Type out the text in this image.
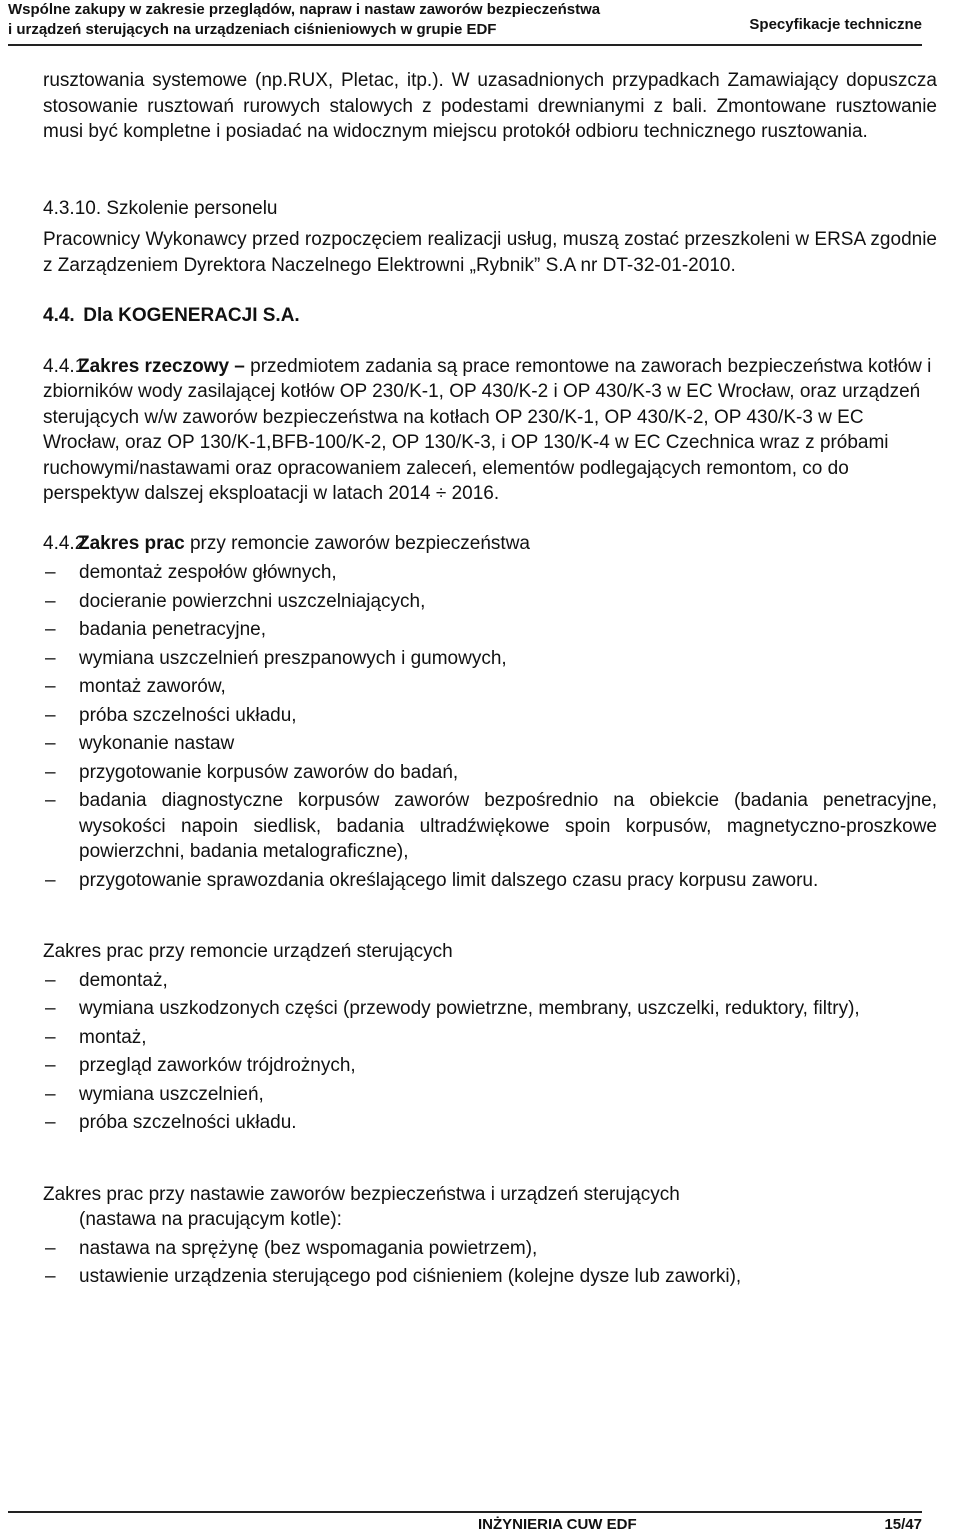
Wspólne zakupy w zakresie przeglądów, napraw i nastaw zaworów bezpieczeństwa
i urządzeń sterujących na urządzeniach ciśnieniowych w grupie EDF	Specyfikacje techniczne

rusztowania systemowe (np.RUX, Pletac, itp.). W uzasadnionych przypadkach Zamawiający dopuszcza stosowanie rusztowań rurowych stalowych z podestami drewnianymi z bali. Zmontowane rusztowanie musi być kompletne i posiadać na widocznym miejscu protokół odbioru technicznego rusztowania.

4.3.10. Szkolenie personelu

Pracownicy Wykonawcy przed rozpoczęciem realizacji usług, muszą zostać przeszkoleni w ERSA zgodnie z Zarządzeniem Dyrektora Naczelnego Elektrowni „Rybnik” S.A nr DT-32-01-2010.

4.4. Dla KOGENERACJI S.A.

4.4.1.Zakres rzeczowy – przedmiotem zadania są prace remontowe na zaworach bezpieczeństwa kotłów i zbiorników wody zasilającej kotłów OP 230/K-1, OP 430/K-2 i OP 430/K-3 w EC Wrocław, oraz urządzeń sterujących w/w zaworów bezpieczeństwa na kotłach OP 230/K-1, OP 430/K-2, OP 430/K-3 w EC Wrocław, oraz OP 130/K-1,BFB-100/K-2, OP 130/K-3, i OP 130/K-4 w EC Czechnica wraz z próbami ruchowymi/nastawami oraz opracowaniem zaleceń, elementów podlegających remontom, co do perspektyw dalszej eksploatacji w latach 2014 ÷ 2016.

4.4.2.Zakres prac przy remoncie zaworów bezpieczeństwa

– demontaż zespołów głównych,
– docieranie powierzchni uszczelniających,
– badania penetracyjne,
– wymiana uszczelnień preszpanowych i gumowych,
– montaż zaworów,
– próba szczelności układu,
– wykonanie nastaw
– przygotowanie korpusów zaworów do badań,
– badania diagnostyczne korpusów zaworów bezpośrednio na obiekcie (badania penetracyjne, wysokości napoin siedlisk, badania ultradźwiękowe spoin korpusów, magnetyczno-proszkowe powierzchni, badania metalograficzne),
– przygotowanie sprawozdania określającego limit dalszego czasu pracy korpusu zaworu.

Zakres prac przy remoncie urządzeń sterujących

– demontaż,
– wymiana uszkodzonych części (przewody powietrzne, membrany, uszczelki, reduktory, filtry),
– montaż,
– przegląd zaworków trójdrożnych,
– wymiana uszczelnień,
– próba szczelności układu.

Zakres prac przy nastawie zaworów bezpieczeństwa i urządzeń sterujących

(nastawa na pracującym kotle):

– nastawa na sprężynę (bez wspomagania powietrzem),
– ustawienie urządzenia sterującego pod ciśnieniem (kolejne dysze lub zaworki),
INŻYNIERIA CUW EDF	15/47
